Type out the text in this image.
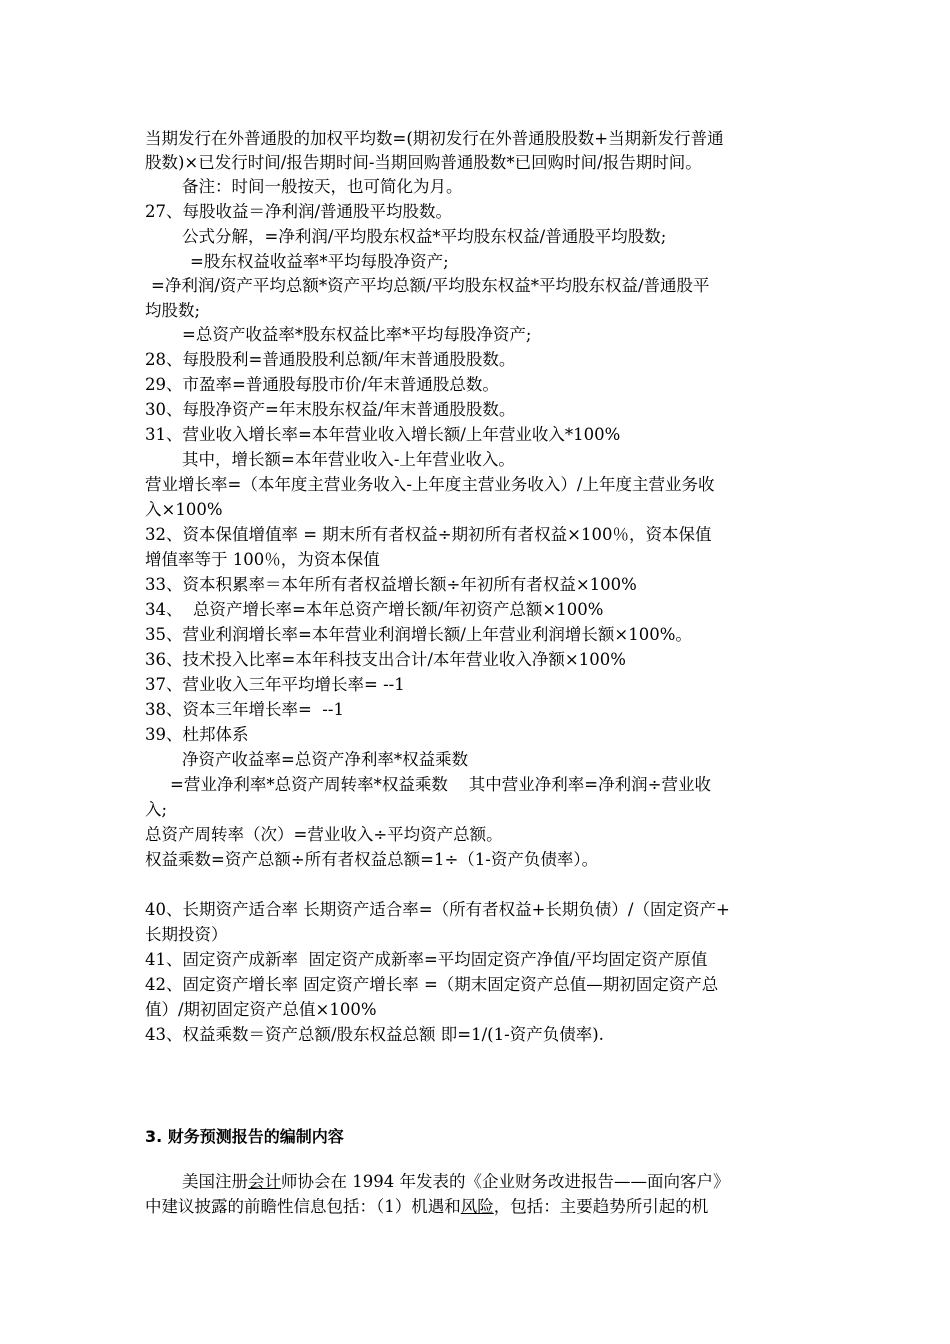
当期发行在外普通股的加权平均数=(期初发行在外普通股股数+当期新发行普通
股数)×已发行时间/报告期时间-当期回购普通股数*已回购时间/报告期时间。
备注：时间一般按天，也可简化为月。
27、每股收益＝净利润/普通股平均股数。
公式分解，=净利润/平均股东权益*平均股东权益/普通股平均股数;
=股东权益收益率*平均每股净资产;
=净利润/资产平均总额*资产平均总额/平均股东权益*平均股东权益/普通股平
均股数;
=总资产收益率*股东权益比率*平均每股净资产;
28、每股股利=普通股股利总额/年末普通股股数。
29、市盈率=普通股每股市价/年末普通股总数。
30、每股净资产=年末股东权益/年末普通股股数。
31、营业收入增长率=本年营业收入增长额/上年营业收入*100%
其中，增长额=本年营业收入-上年营业收入。
营业增长率=（本年度主营业务收入-上年度主营业务收入）/上年度主营业务收
入×100%
32、资本保值增值率 = 期末所有者权益÷期初所有者权益×100％，资本保值
增值率等于 100％，为资本保值
33、资本积累率＝本年所有者权益增长额÷年初所有者权益×100%
34、  总资产增长率=本年总资产增长额/年初资产总额×100%
35、营业利润增长率=本年营业利润增长额/上年营业利润增长额×100%。
36、技术投入比率=本年科技支出合计/本年营业收入净额×100%
37、营业收入三年平均增长率= --1
38、资本三年增长率=  --1
39、杜邦体系
净资产收益率=总资产净利率*权益乘数
=营业净利率*总资产周转率*权益乘数    其中营业净利率=净利润÷营业收
入;
总资产周转率（次）=营业收入÷平均资产总额。
权益乘数=资产总额÷所有者权益总额=1÷（1-资产负债率）。
40、长期资产适合率 长期资产适合率=（所有者权益+长期负债）/（固定资产+
长期投资）
41、固定资产成新率  固定资产成新率=平均固定资产净值/平均固定资产原值
42、固定资产增长率 固定资产增长率 =（期末固定资产总值—期初固定资产总
值）/期初固定资产总值×100%
43、权益乘数＝资产总额/股东权益总额 即=1/(1-资产负债率).
3. 财务预测报告的编制内容
美国注册会计师协会在 1994 年发表的《企业财务改进报告——面向客户》
中建议披露的前瞻性信息包括：（1）机遇和风险，包括：主要趋势所引起的机
